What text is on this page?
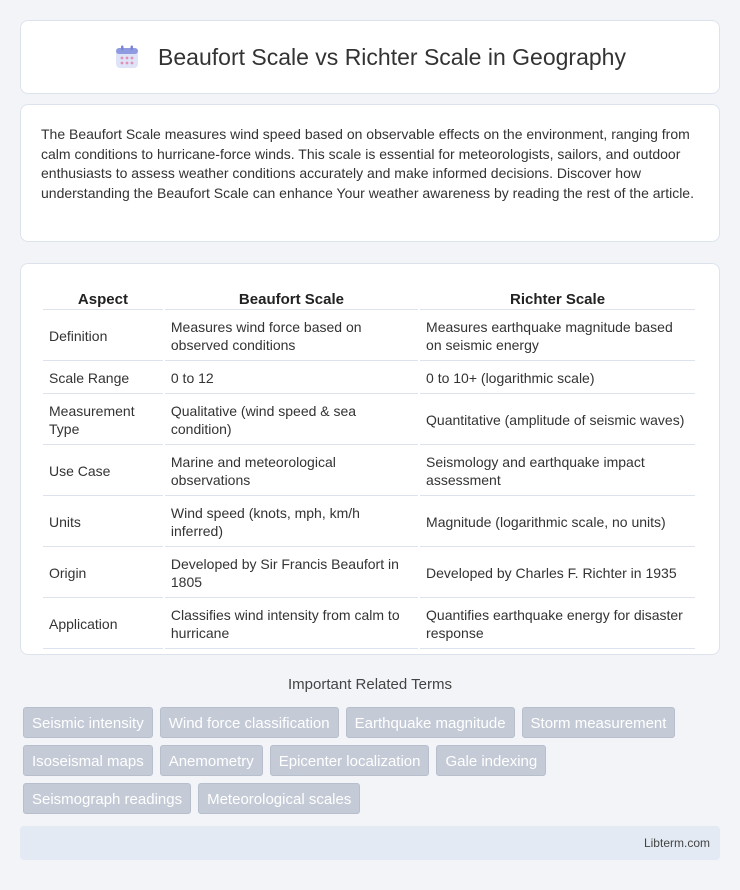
Beaufort Scale vs Richter Scale in Geography

The Beaufort Scale measures wind speed based on observable effects on the environment, ranging from calm conditions to hurricane-force winds. This scale is essential for meteorologists, sailors, and outdoor enthusiasts to assess weather conditions accurately and make informed decisions. Discover how understanding the Beaufort Scale can enhance Your weather awareness by reading the rest of the article.

Aspect	Beaufort Scale	Richter Scale
Definition	Measures wind force based on observed conditions	Measures earthquake magnitude based on seismic energy
Scale Range	0 to 12	0 to 10+ (logarithmic scale)
Measurement Type	Qualitative (wind speed & sea condition)	Quantitative (amplitude of seismic waves)
Use Case	Marine and meteorological observations	Seismology and earthquake impact assessment
Units	Wind speed (knots, mph, km/h inferred)	Magnitude (logarithmic scale, no units)
Origin	Developed by Sir Francis Beaufort in 1805	Developed by Charles F. Richter in 1935
Application	Classifies wind intensity from calm to hurricane	Quantifies earthquake energy for disaster response
Important Related Terms
Seismic intensity	Wind force classification	Earthquake magnitude	Storm measurement
Isoseismal maps	Anemometry	Epicenter localization	Gale indexing
Seismograph readings	Meteorological scales
Libterm.com
